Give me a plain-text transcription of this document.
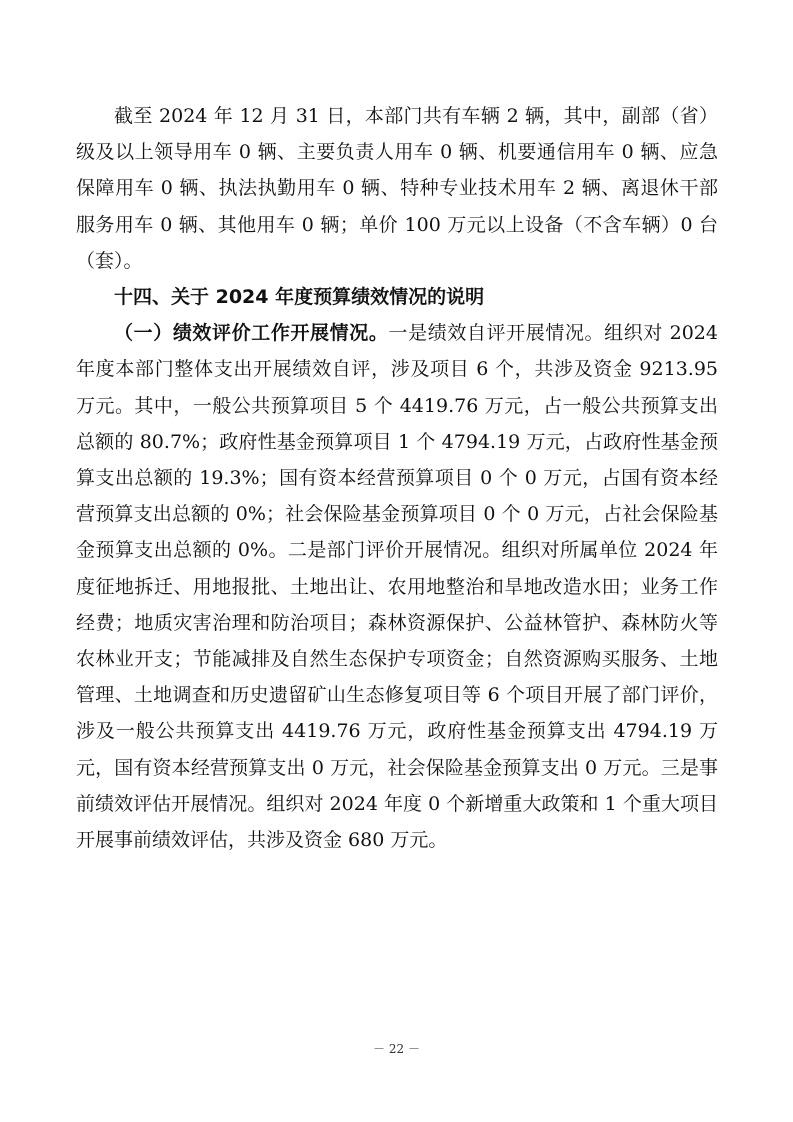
截至 2024 年 12 月 31 日，本部门共有车辆 2 辆，其中，副部（省）级及以上领导用车 0 辆、主要负责人用车 0 辆、机要通信用车 0 辆、应急保障用车 0 辆、执法执勤用车 0 辆、特种专业技术用车 2 辆、离退休干部服务用车 0 辆、其他用车 0 辆；单价 100 万元以上设备（不含车辆）0 台（套）。

十四、关于 2024 年度预算绩效情况的说明

（一）绩效评价工作开展情况。一是绩效自评开展情况。组织对 2024 年度本部门整体支出开展绩效自评，涉及项目 6 个，共涉及资金 9213.95 万元。其中，一般公共预算项目 5 个 4419.76 万元，占一般公共预算支出总额的 80.7%；政府性基金预算项目 1 个 4794.19 万元，占政府性基金预算支出总额的 19.3%；国有资本经营预算项目 0 个 0 万元，占国有资本经营预算支出总额的 0%；社会保险基金预算项目 0 个 0 万元，占社会保险基金预算支出总额的 0%。二是部门评价开展情况。组织对所属单位 2024 年度征地拆迁、用地报批、土地出让、农用地整治和旱地改造水田；业务工作经费；地质灾害治理和防治项目；森林资源保护、公益林管护、森林防火等农林业开支；节能减排及自然生态保护专项资金；自然资源购买服务、土地管理、土地调查和历史遗留矿山生态修复项目等 6 个项目开展了部门评价，涉及一般公共预算支出 4419.76 万元，政府性基金预算支出 4794.19 万元，国有资本经营预算支出 0 万元，社会保险基金预算支出 0 万元。三是事前绩效评估开展情况。组织对 2024 年度 0 个新增重大政策和 1 个重大项目开展事前绩效评估，共涉及资金 680 万元。

－ 22 －
